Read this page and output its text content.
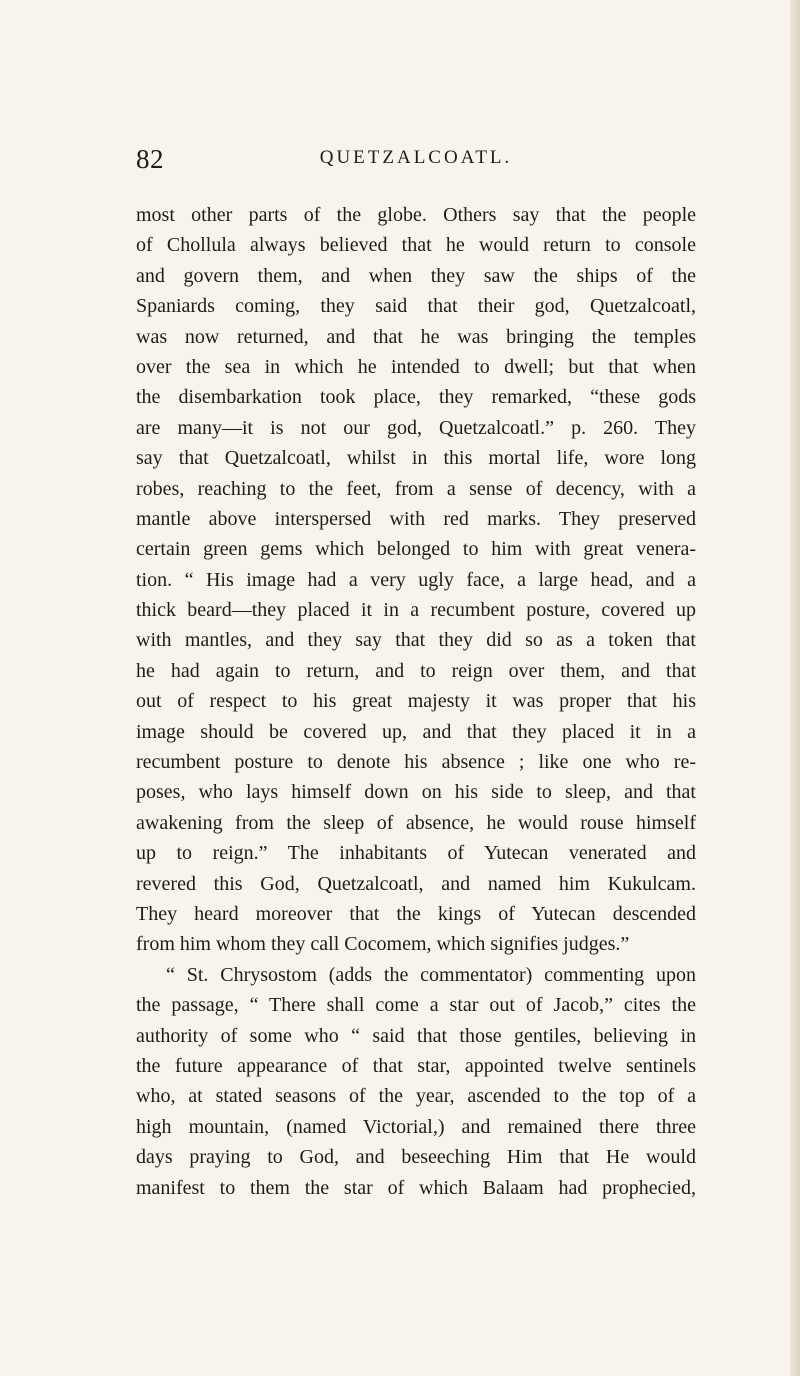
82	QUETZALCOATL.
most other parts of the globe. Others say that the people
of Chollula always believed that he would return to console
and govern them, and when they saw the ships of the
Spaniards coming, they said that their god, Quetzalcoatl,
was now returned, and that he was bringing the temples
over the sea in which he intended to dwell; but that when
the disembarkation took place, they remarked, “these gods
are many—it is not our god, Quetzalcoatl.” p. 260. They
say that Quetzalcoatl, whilst in this mortal life, wore long
robes, reaching to the feet, from a sense of decency, with a
mantle above interspersed with red marks. They preserved
certain green gems which belonged to him with great venera-
tion. “ His image had a very ugly face, a large head, and a
thick beard—they placed it in a recumbent posture, covered up
with mantles, and they say that they did so as a token that
he had again to return, and to reign over them, and that
out of respect to his great majesty it was proper that his
image should be covered up, and that they placed it in a
recumbent posture to denote his absence ; like one who re-
poses, who lays himself down on his side to sleep, and that
awakening from the sleep of absence, he would rouse himself
up to reign.” The inhabitants of Yutecan venerated and
revered this God, Quetzalcoatl, and named him Kukulcam.
They heard moreover that the kings of Yutecan descended
from him whom they call Cocomem, which signifies judges.”
“ St. Chrysostom (adds the commentator) commenting upon
the passage, “ There shall come a star out of Jacob,” cites the
authority of some who “ said that those gentiles, believing in
the future appearance of that star, appointed twelve sentinels
who, at stated seasons of the year, ascended to the top of a
high mountain, (named Victorial,) and remained there three
days praying to God, and beseeching Him that He would
manifest to them the star of which Balaam had prophecied,
